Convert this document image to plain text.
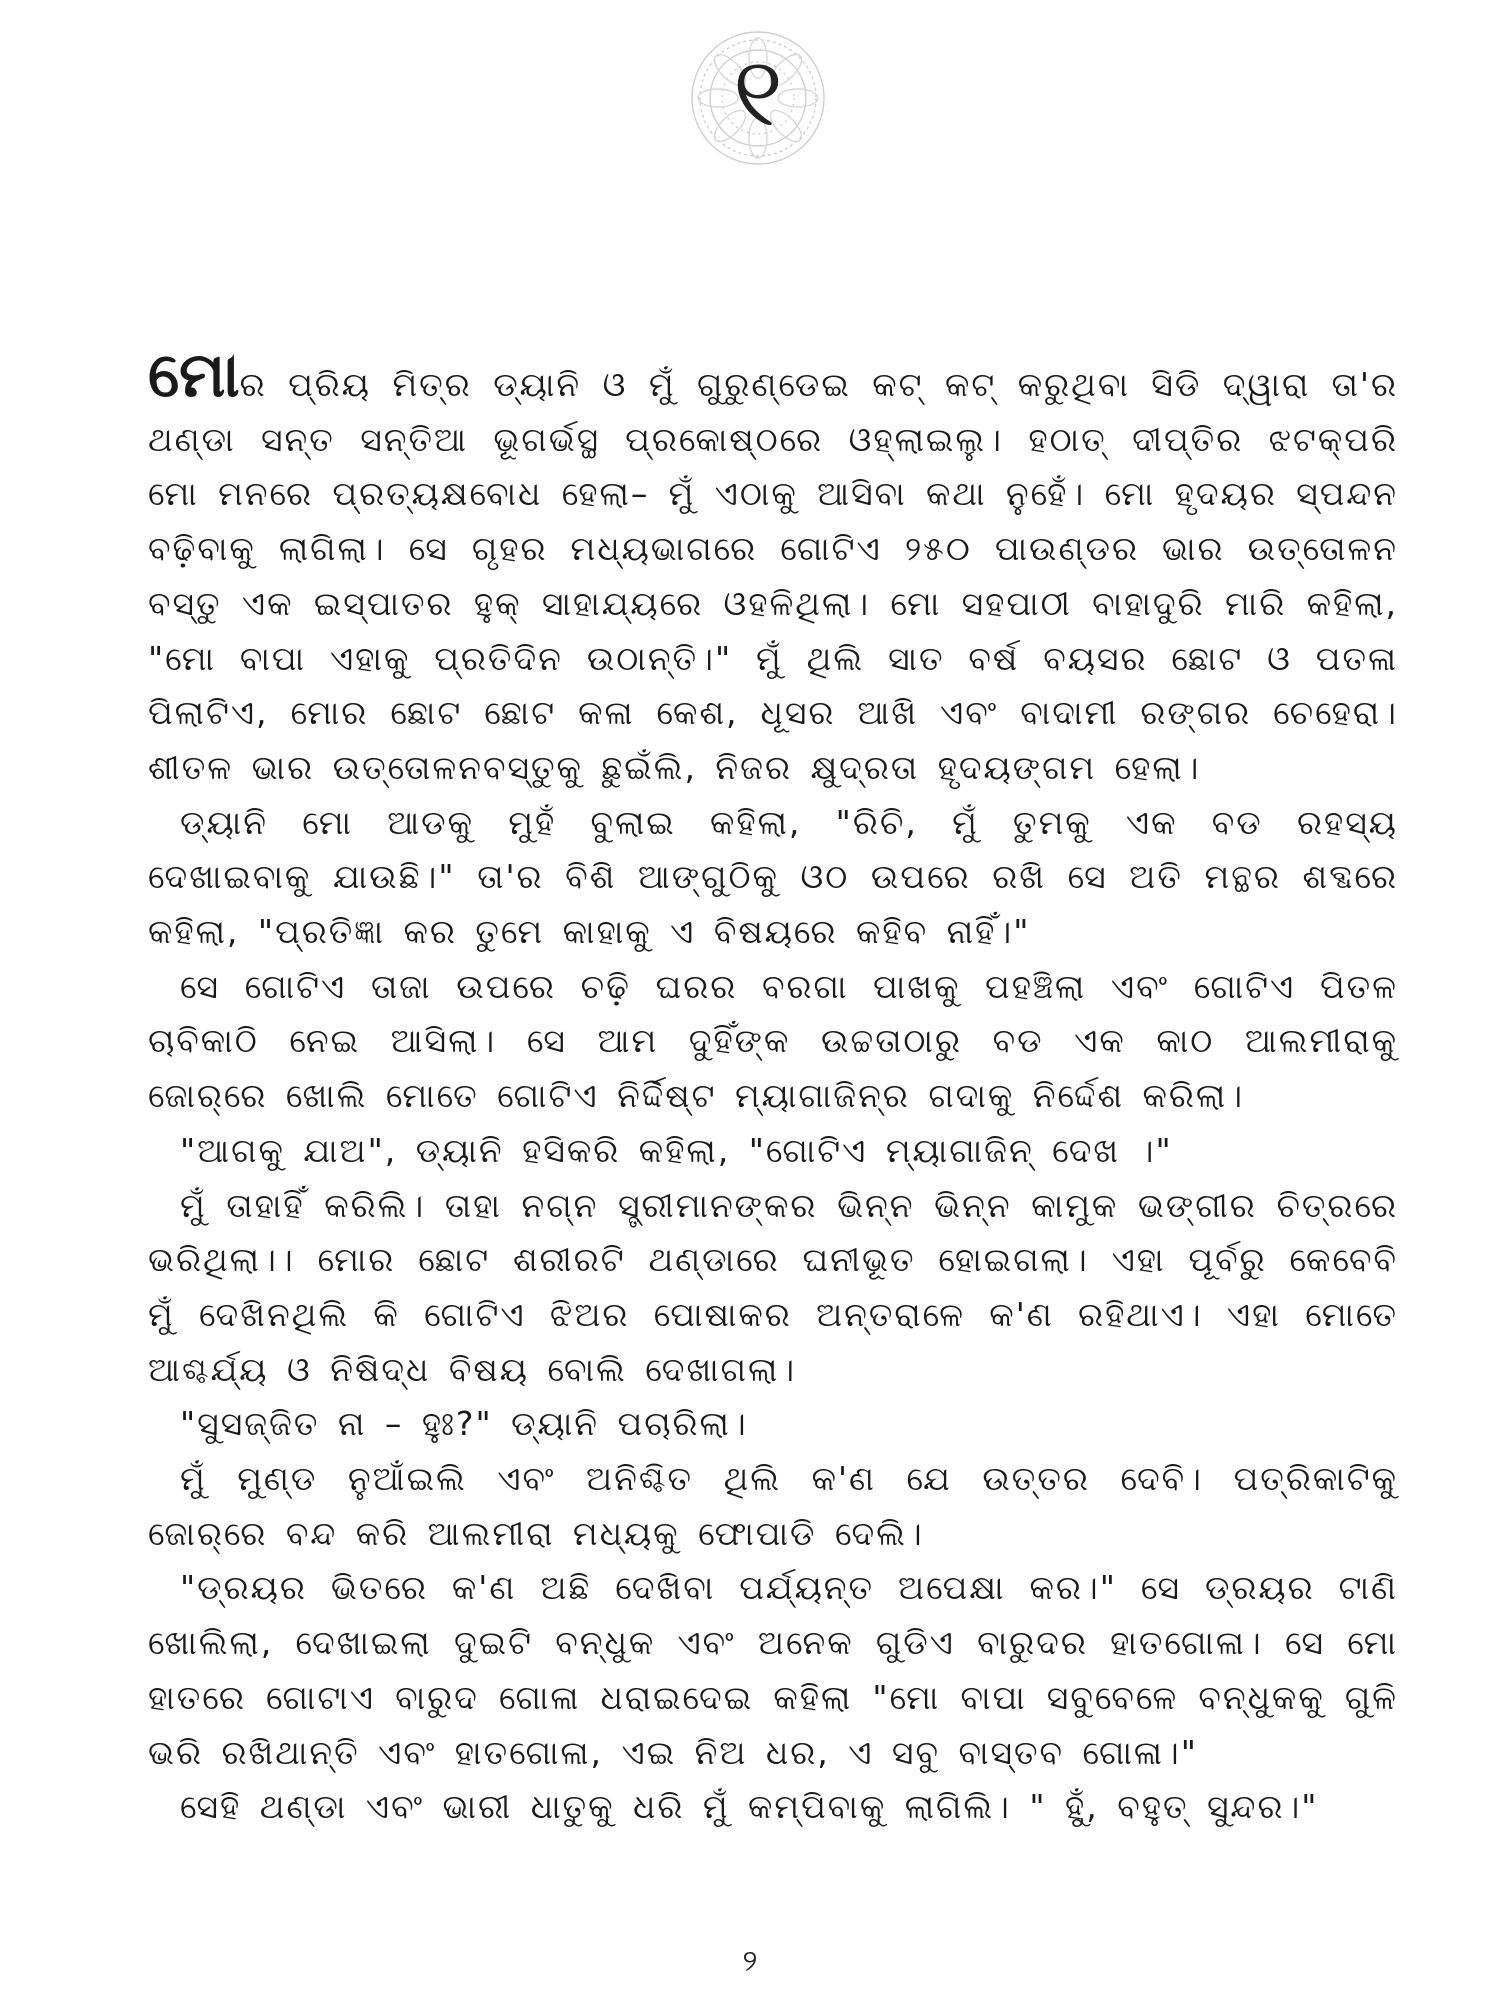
୧

ମୋର ପ୍ରିୟ ମିତ୍ର ଡ୍ୟାନି ଓ ମୁଁ ଗୁରୁଣ୍ଡେଇ କଟ୍ କଟ୍ କରୁଥିବା ସିଡି ଦ୍ୱାରା ତା'ର ଥଣ୍ଡା ସନ୍ତ ସନ୍ତିଆ ଭୂଗର୍ଭସ୍ଥ ପ୍ରକୋଷ୍ଠରେ ଓହ୍ଲାଇଲୁ। ହଠାତ୍ ଦୀପ୍ତିର ଝଟକ୍‌ପରି ମୋ ମନରେ ପ୍ରତ୍ୟକ୍ଷବୋଧ ହେଲା– ମୁଁ ଏଠାକୁ ଆସିବା କଥା ନୁହେଁ। ମୋ ହୃଦୟର ସ୍ପନ୍ଦନ ବଢ଼ିବାକୁ ଲାଗିଲା। ସେ ଗୃହର ମଧ୍ୟଭାଗରେ ଗୋଟିଏ ୨୫୦ ପାଉଣ୍ଡର ଭାର ଉତ୍ତୋଳନ ବସ୍ତୁ ଏକ ଇସ୍ପାତର ହୁକ୍ ସାହାଯ୍ୟରେ ଓହଳିଥିଲା। ମୋ ସହପାଠୀ ବାହାଦୁରି ମାରି କହିଲା, "ମୋ ବାପା ଏହାକୁ ପ୍ରତିଦିନ ଉଠାନ୍ତି।" ମୁଁ ଥିଲି ସାତ ବର୍ଷ ବୟସର ଛୋଟ ଓ ପତଳା ପିଲାଟିଏ, ମୋର ଛୋଟ ଛୋଟ କଳା କେଶ, ଧୂସର ଆଖି ଏବଂ ବାଦାମୀ ରଙ୍ଗର ଚେହେରା। ଶୀତଳ ଭାର ଉତ୍ତୋଳନବସ୍ତୁକୁ ଛୁଇଁଲି, ନିଜର କ୍ଷୁଦ୍ରତା ହୃଦୟଙ୍ଗମ ହେଲା।

ଡ୍ୟାନି ମୋ ଆଡକୁ ମୁହଁ ବୁଲାଇ କହିଲା, "ରିଚି, ମୁଁ ତୁମକୁ ଏକ ବଡ ରହସ୍ୟ ଦେଖାଇବାକୁ ଯାଉଛି।" ତା'ର ବିଶି ଆଙ୍ଗୁଠିକୁ ଓଠ ଉପରେ ରଖି ସେ ଅତି ମନ୍ଥର ଶବ୍ଦରେ କହିଲା, "ପ୍ରତିଜ୍ଞା କର ତୁମେ କାହାକୁ ଏ ବିଷୟରେ କହିବ ନାହିଁ।"

ସେ ଗୋଟିଏ ତାଜା ଉପରେ ଚଢ଼ି ଘରର ବରଗା ପାଖକୁ ପହଞ୍ଚିଲା ଏବଂ ଗୋଟିଏ ପିତଳ ଚାବିକାଠି ନେଇ ଆସିଲା। ସେ ଆମ ଦୁହିଁଙ୍କ ଉଚ୍ଚତାଠାରୁ ବଡ ଏକ କାଠ ଆଲମୀରାକୁ ଜୋର୍‌ରେ ଖୋଲି ମୋତେ ଗୋଟିଏ ନିର୍ଦ୍ଦିଷ୍ଟ ମ୍ୟାଗାଜିନ୍‌ର ଗଦାକୁ ନିର୍ଦ୍ଦେଶ କରିଲା।

"ଆଗକୁ ଯାଅ", ଡ୍ୟାନି ହସିକରି କହିଲା, "ଗୋଟିଏ ମ୍ୟାଗାଜିନ୍ ଦେଖ ।"

ମୁଁ ତାହାହିଁ କରିଲି। ତାହା ନଗ୍ନ ସ୍ତ୍ରୀମାନଙ୍କର ଭିନ୍ନ ଭିନ୍ନ କାମୁକ ଭଙ୍ଗୀର ଚିତ୍ରରେ ଭରିଥିଲା।। ମୋର ଛୋଟ ଶରୀରଟି ଥଣ୍ଡାରେ ଘନୀଭୂତ ହୋଇଗଲା। ଏହା ପୂର୍ବରୁ କେବେବି ମୁଁ ଦେଖିନଥିଲି କି ଗୋଟିଏ ଝିଅର ପୋଷାକର ଅନ୍ତରାଳେ କ'ଣ ରହିଥାଏ। ଏହା ମୋତେ ଆଶ୍ଚର୍ଯ୍ୟ ଓ ନିଷିଦ୍ଧ ବିଷୟ ବୋଲି ଦେଖାଗଲା।

"ସୁସଜ୍ଜିତ ନା – ହୁଃ?" ଡ୍ୟାନି ପଚାରିଲା।

ମୁଁ ମୁଣ୍ଡ ନୁଆଁଇଲି ଏବଂ ଅନିଶ୍ଚିତ ଥିଲି କ'ଣ ଯେ ଉତ୍ତର ଦେବି। ପତ୍ରିକାଟିକୁ ଜୋର୍‌ରେ ବନ୍ଦ କରି ଆଲମୀରା ମଧ୍ୟକୁ ଫୋପାଡି ଦେଲି।

"ଡ୍ରୟର ଭିତରେ କ'ଣ ଅଛି ଦେଖିବା ପର୍ଯ୍ୟନ୍ତ ଅପେକ୍ଷା କର।" ସେ ଡ୍ରୟର ଟାଣି ଖୋଲିଲା, ଦେଖାଇଲା ଦୁଇଟି ବନ୍ଧୁକ ଏବଂ ଅନେକ ଗୁଡିଏ ବାରୁଦର ହାତଗୋଳା। ସେ ମୋ ହାତରେ ଗୋଟାଏ ବାରୁଦ ଗୋଳା ଧରାଇଦେଇ କହିଲା "ମୋ ବାପା ସବୁବେଳେ ବନ୍ଧୁକକୁ ଗୁଳି ଭରି ରଖିଥାନ୍ତି ଏବଂ ହାତଗୋଳା, ଏଇ ନିଅ ଧର, ଏ ସବୁ ବାସ୍ତବ ଗୋଳା।"

ସେହି ଥଣ୍ଡା ଏବଂ ଭାରୀ ଧାତୁକୁ ଧରି ମୁଁ କମ୍ପିବାକୁ ଲାଗିଲି। " ହୁଁ, ବହୁତ୍ ସୁନ୍ଦର।"

୨
